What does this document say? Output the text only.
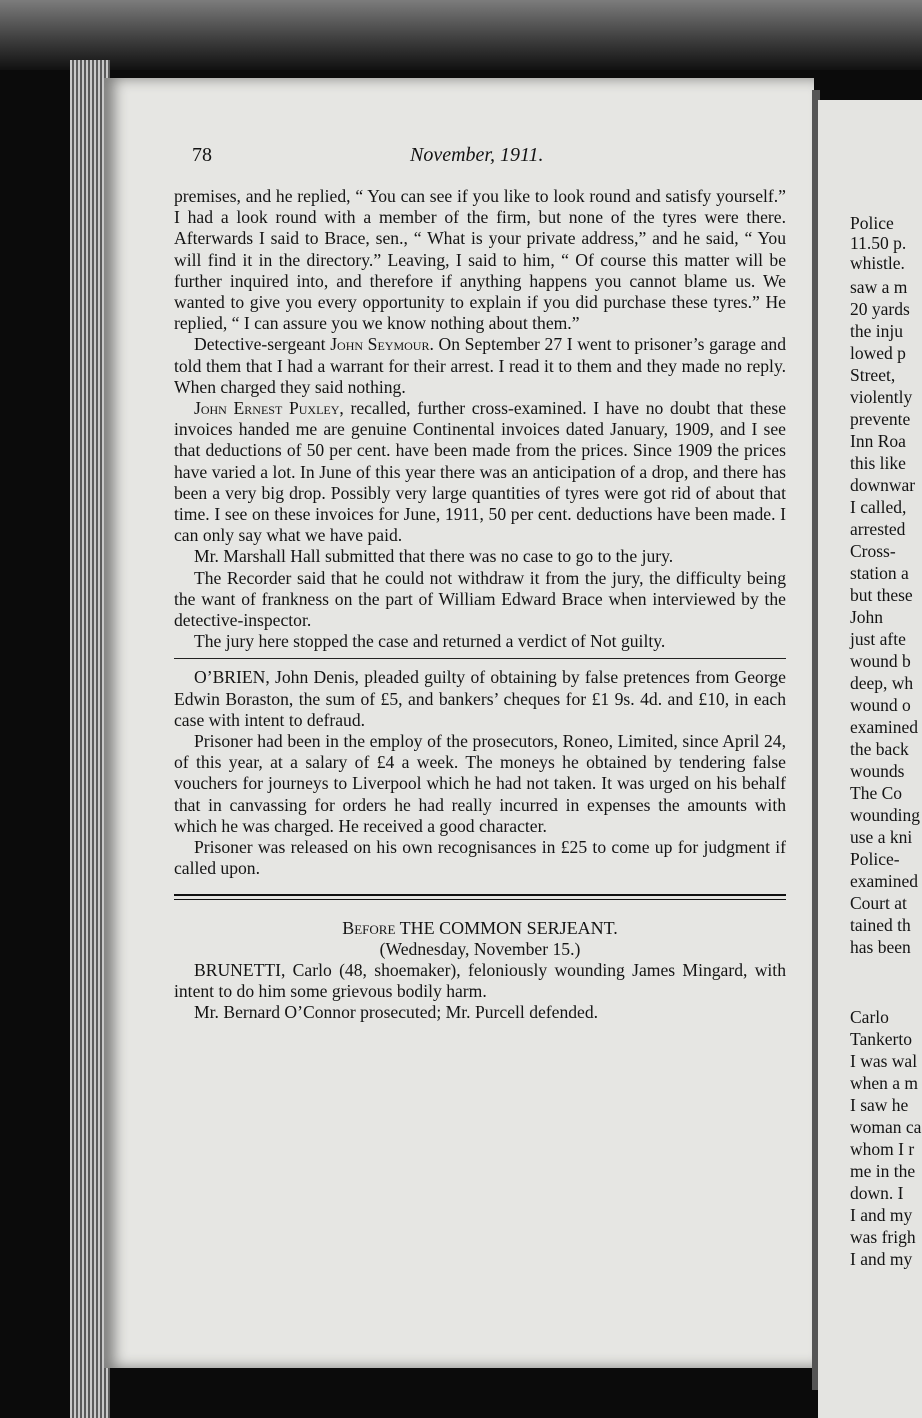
78	November, 1911.

premises, and he replied, “ You can see if you like to look round and satisfy yourself.” I had a look round with a member of the firm, but none of the tyres were there. Afterwards I said to Brace, sen., “ What is your private address,” and he said, “ You will find it in the directory.” Leaving, I said to him, “ Of course this matter will be further inquired into, and therefore if anything happens you cannot blame us. We wanted to give you every opportunity to explain if you did purchase these tyres.” He replied, “ I can assure you we know nothing about them.”

Detective-sergeant John Seymour. On September 27 I went to prisoner’s garage and told them that I had a warrant for their arrest. I read it to them and they made no reply. When charged they said nothing.

John Ernest Puxley, recalled, further cross-examined. I have no doubt that these invoices handed me are genuine Continental invoices dated January, 1909, and I see that deductions of 50 per cent. have been made from the prices. Since 1909 the prices have varied a lot. In June of this year there was an anticipation of a drop, and there has been a very big drop. Possibly very large quantities of tyres were got rid of about that time. I see on these invoices for June, 1911, 50 per cent. deductions have been made. I can only say what we have paid.

Mr. Marshall Hall submitted that there was no case to go to the jury.

The Recorder said that he could not withdraw it from the jury, the difficulty being the want of frankness on the part of William Edward Brace when interviewed by the detective-inspector.

The jury here stopped the case and returned a verdict of Not guilty.

O’BRIEN, John Denis, pleaded guilty of obtaining by false pretences from George Edwin Boraston, the sum of £5, and bankers’ cheques for £1 9s. 4d. and £10, in each case with intent to defraud.

Prisoner had been in the employ of the prosecutors, Roneo, Limited, since April 24, of this year, at a salary of £4 a week. The moneys he obtained by tendering false vouchers for journeys to Liverpool which he had not taken. It was urged on his behalf that in canvassing for orders he had really incurred in expenses the amounts with which he was charged. He received a good character.

Prisoner was released on his own recognisances in £25 to come up for judgment if called upon.

Before THE COMMON SERJEANT.

(Wednesday, November 15.)

BRUNETTI, Carlo (48, shoemaker), feloniously wounding James Mingard, with intent to do him some grievous bodily harm.

Mr. Bernard O’Connor prosecuted; Mr. Purcell defended.

Police
11.50 p.
whistle.
saw a m
20 yards
the inju
lowed p
Street,
violently
prevente
Inn Roa
this like
downwar
I called,
arrested
Cross-
station a
but these
John
just afte
wound b
deep, wh
wound o
examined
the back
wounds
The Co
wounding
use a kni
Police-
examined
Court at
tained th
has been
Carlo
Tankerto
I was wal
when a m
I saw he
woman ca
whom I r
me in the
down. I
I and my
was frigh
I and my
